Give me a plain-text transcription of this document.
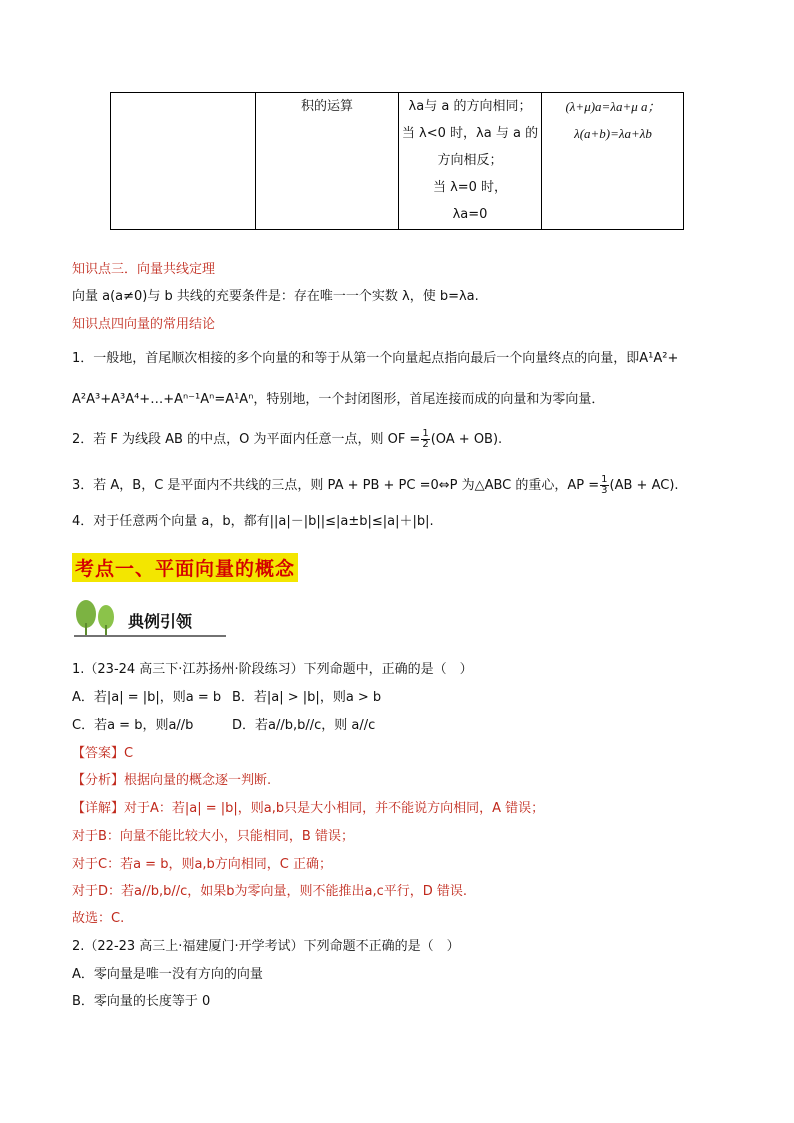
积的运算	λa与 a 的方向相同；
当 λ<0 时，λa 与 a 的
方向相反；
当 λ=0 时，
λa=0
(λ+μ)a=λa+μ a；
λ(a+b)=λa+λb
知识点三．向量共线定理
向量 a(a≠0)与 b 共线的充要条件是：存在唯一一个实数 λ，使 b=λa.
知识点四向量的常用结论
1．一般地，首尾顺次相接的多个向量的和等于从第一个向量起点指向最后一个向量终点的向量，即A¹A²+
A²A³+A³A⁴+…+Aⁿ⁻¹Aⁿ=A¹Aⁿ，特别地，一个封闭图形，首尾连接而成的向量和为零向量．
2．若 F 为线段 AB 的中点，O 为平面内任意一点，则 OF = $\frac{1}{2} (OA + OB)$.
3．若 A，B，C 是平面内不共线的三点，则 PA + PB + PC =0⇔P 为△ABC 的重心，AP = $\frac{1}{3} (AB + AC)$.
4．对于任意两个向量 a，b，都有||a|－|b||≤|a±b|≤|a|＋|b|.
考点一、平面向量的概念
典例引领
1.（23-24 高三下·江苏扬州·阶段练习）下列命题中，正确的是（　）
A．若|a| = |b|，则a = b B．若|a| > |b|，则a > b
C．若a = b，则a//b	D．若a//b,b//c，则 a//c
【答案】C
【分析】根据向量的概念逐一判断.
【详解】对于A：若|a| = |b|，则a,b只是大小相同，并不能说方向相同，A 错误；
对于B：向量不能比较大小，只能相同，B 错误；
对于C：若a = b，则a,b方向相同，C 正确；
对于D：若a//b,b//c，如果b为零向量，则不能推出a,c平行，D 错误.
故选：C.
2.（22-23 高三上·福建厦门·开学考试）下列命题不正确的是（　）
A．零向量是唯一没有方向的向量
B．零向量的长度等于 0
